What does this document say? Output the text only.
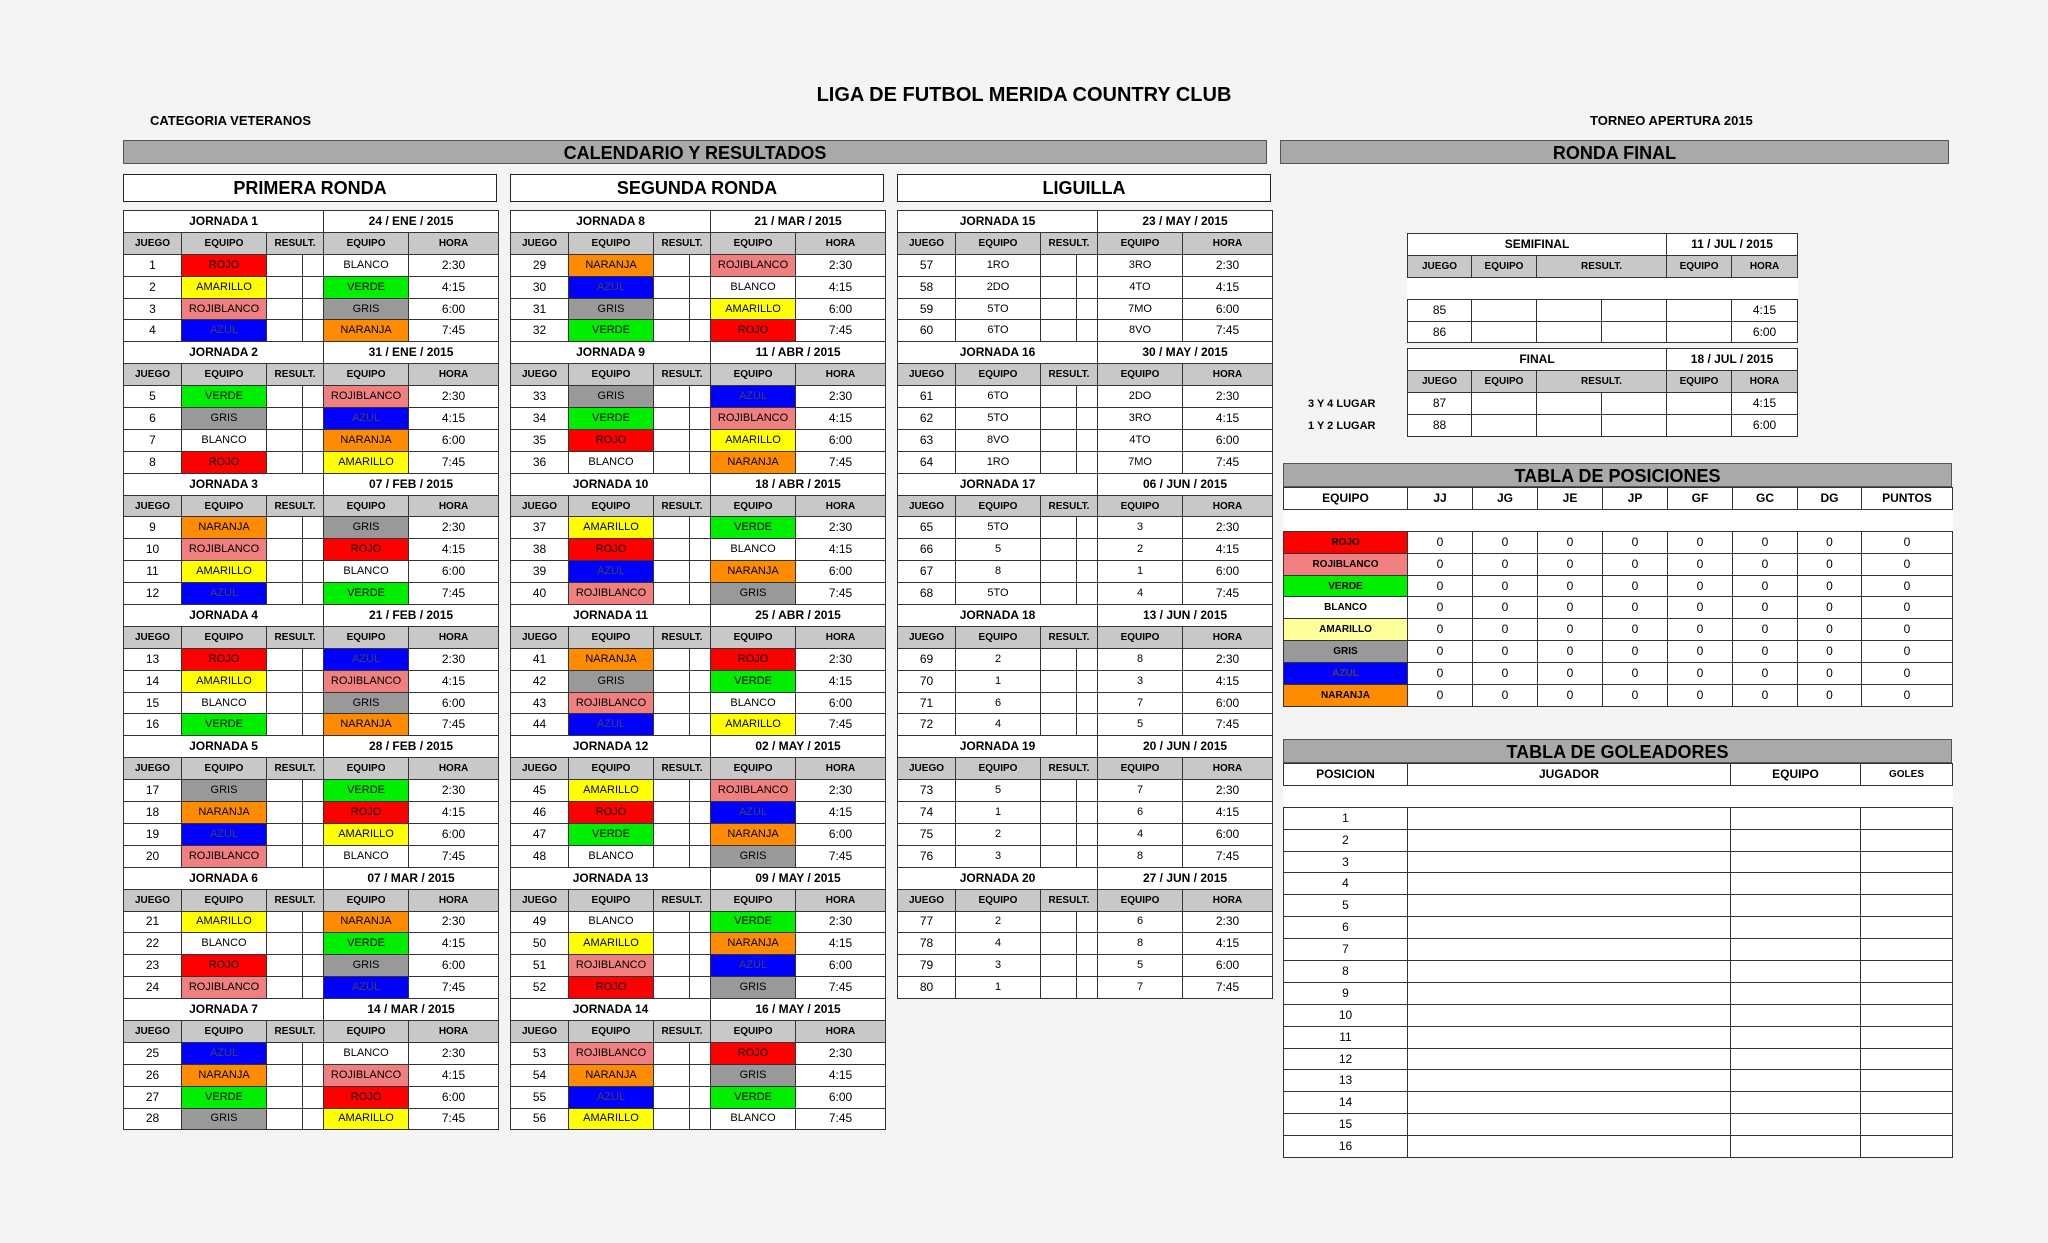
LIGA DE FUTBOL MERIDA COUNTRY CLUB
CATEGORIA VETERANOS	TORNEO APERTURA 2015
CALENDARIO Y RESULTADOS	RONDA FINAL
PRIMERA RONDA	SEGUNDA RONDA	LIGUILLA
JORNADA 1				24 / ENE / 2015	
JUEGO	EQUIPO	RESULT.		EQUIPO	HORA
1	ROJO			BLANCO	2:30
2	AMARILLO			VERDE	4:15
3	ROJIBLANCO			GRIS	6:00
4	AZUL			NARANJA	7:45
JORNADA 2				31 / ENE / 2015	
JUEGO	EQUIPO	RESULT.		EQUIPO	HORA
5	VERDE			ROJIBLANCO	2:30
6	GRIS			AZUL	4:15
7	BLANCO			NARANJA	6:00
8	ROJO			AMARILLO	7:45
JORNADA 3				07 / FEB / 2015	
JUEGO	EQUIPO	RESULT.		EQUIPO	HORA
9	NARANJA			GRIS	2:30
10	ROJIBLANCO			ROJO	4:15
11	AMARILLO			BLANCO	6:00
12	AZUL			VERDE	7:45
JORNADA 4				21 / FEB / 2015	
JUEGO	EQUIPO	RESULT.		EQUIPO	HORA
13	ROJO			AZUL	2:30
14	AMARILLO			ROJIBLANCO	4:15
15	BLANCO			GRIS	6:00
16	VERDE			NARANJA	7:45
JORNADA 5				28 / FEB / 2015	
JUEGO	EQUIPO	RESULT.		EQUIPO	HORA
17	GRIS			VERDE	2:30
18	NARANJA			ROJO	4:15
19	AZUL			AMARILLO	6:00
20	ROJIBLANCO			BLANCO	7:45
JORNADA 6				07 / MAR / 2015	
JUEGO	EQUIPO	RESULT.		EQUIPO	HORA
21	AMARILLO			NARANJA	2:30
22	BLANCO			VERDE	4:15
23	ROJO			GRIS	6:00
24	ROJIBLANCO			AZUL	7:45
JORNADA 7				14 / MAR / 2015	
JUEGO	EQUIPO	RESULT.		EQUIPO	HORA
25	AZUL			BLANCO	2:30
26	NARANJA			ROJIBLANCO	4:15
27	VERDE			ROJO	6:00
28	GRIS			AMARILLO	7:45
JORNADA 8				21 / MAR / 2015	
JUEGO	EQUIPO	RESULT.		EQUIPO	HORA
29	NARANJA			ROJIBLANCO	2:30
30	AZUL			BLANCO	4:15
31	GRIS			AMARILLO	6:00
32	VERDE			ROJO	7:45
JORNADA 9				11 / ABR / 2015	
JUEGO	EQUIPO	RESULT.		EQUIPO	HORA
33	GRIS			AZUL	2:30
34	VERDE			ROJIBLANCO	4:15
35	ROJO			AMARILLO	6:00
36	BLANCO			NARANJA	7:45
JORNADA 10				18 / ABR / 2015	
JUEGO	EQUIPO	RESULT.		EQUIPO	HORA
37	AMARILLO			VERDE	2:30
38	ROJO			BLANCO	4:15
39	AZUL			NARANJA	6:00
40	ROJIBLANCO			GRIS	7:45
JORNADA 11				25 / ABR / 2015	
JUEGO	EQUIPO	RESULT.		EQUIPO	HORA
41	NARANJA			ROJO	2:30
42	GRIS			VERDE	4:15
43	ROJIBLANCO			BLANCO	6:00
44	AZUL			AMARILLO	7:45
JORNADA 12				02 / MAY / 2015	
JUEGO	EQUIPO	RESULT.		EQUIPO	HORA
45	AMARILLO			ROJIBLANCO	2:30
46	ROJO			AZUL	4:15
47	VERDE			NARANJA	6:00
48	BLANCO			GRIS	7:45
JORNADA 13				09 / MAY / 2015	
JUEGO	EQUIPO	RESULT.		EQUIPO	HORA
49	BLANCO			VERDE	2:30
50	AMARILLO			NARANJA	4:15
51	ROJIBLANCO			AZUL	6:00
52	ROJO			GRIS	7:45
JORNADA 14				16 / MAY / 2015	
JUEGO	EQUIPO	RESULT.		EQUIPO	HORA
53	ROJIBLANCO			ROJO	2:30
54	NARANJA			GRIS	4:15
55	AZUL			VERDE	6:00
56	AMARILLO			BLANCO	7:45
JORNADA 15				23 / MAY / 2015	
JUEGO	EQUIPO	RESULT.		EQUIPO	HORA
57	1RO			3RO	2:30
58	2DO			4TO	4:15
59	5TO			7MO	6:00
60	6TO			8VO	7:45
JORNADA 16				30 / MAY / 2015	
JUEGO	EQUIPO	RESULT.		EQUIPO	HORA
61	6TO			2DO	2:30
62	5TO			3RO	4:15
63	8VO			4TO	6:00
64	1RO			7MO	7:45
JORNADA 17				06 / JUN / 2015	
JUEGO	EQUIPO	RESULT.		EQUIPO	HORA
65	5TO			3	2:30
66	5			2	4:15
67	8			1	6:00
68	5TO			4	7:45
JORNADA 18				13 / JUN / 2015	
JUEGO	EQUIPO	RESULT.		EQUIPO	HORA
69	2			8	2:30
70	1			3	4:15
71	6			7	6:00
72	4			5	7:45
JORNADA 19				20 / JUN / 2015	
JUEGO	EQUIPO	RESULT.		EQUIPO	HORA
73	5			7	2:30
74	1			6	4:15
75	2			4	6:00
76	3			8	7:45
JORNADA 20				27 / JUN / 2015	
JUEGO	EQUIPO	RESULT.		EQUIPO	HORA
77	2			6	2:30
78	4			8	4:15
79	3			5	6:00
80	1			7	7:45
SEMIFINAL				11 / JUL / 2015	
JUEGO	EQUIPO	RESULT.		EQUIPO	HORA

85					4:15
86					6:00
3 Y 4 LUGAR
1 Y 2 LUGAR
FINAL				18 / JUL / 2015	
JUEGO	EQUIPO	RESULT.		EQUIPO	HORA
87					4:15
88					6:00
TABLA DE POSICIONES
EQUIPO	JJ	JG	JE	JP	GF	GC	DG	PUNTOS

ROJO	0	0	0	0	0	0	0	0
ROJIBLANCO	0	0	0	0	0	0	0	0
VERDE	0	0	0	0	0	0	0	0
BLANCO	0	0	0	0	0	0	0	0
AMARILLO	0	0	0	0	0	0	0	0
GRIS	0	0	0	0	0	0	0	0
AZUL	0	0	0	0	0	0	0	0
NARANJA	0	0	0	0	0	0	0	0
TABLA DE GOLEADORES
POSICION	JUGADOR	EQUIPO	GOLES

1			
2			
3			
4			
5			
6			
7			
8			
9			
10			
11			
12			
13			
14			
15			
16			
